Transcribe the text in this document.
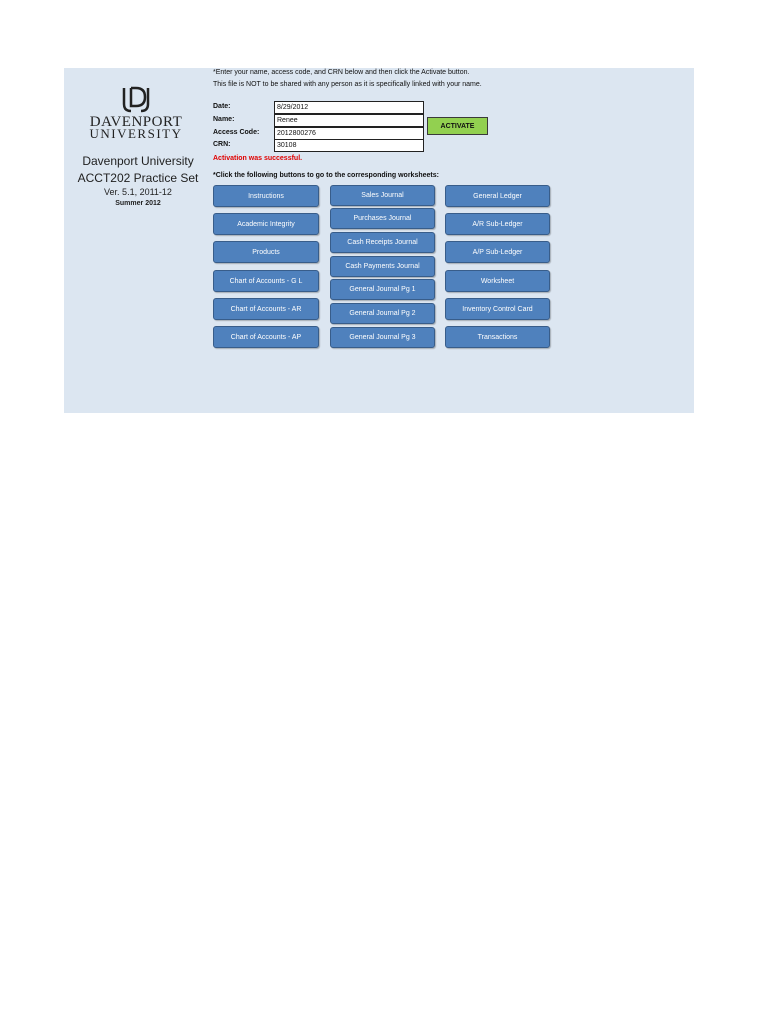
DAVENPORT
UNIVERSITY
Davenport University
ACCT202 Practice Set
Ver. 5.1, 2011-12
Summer 2012
*Enter your name, access code, and CRN below and then click the Activate button.
This file is NOT to be shared with any person as it is specifically linked with your name.
Date:	8/29/2012
Name:	Renee
Access Code:	2012800276
CRN:	30108
ACTIVATE
Activation was successful.
*Click the following buttons to go to the corresponding worksheets:
Instructions
Academic Integrity
Products
Chart of Accounts - G L
Chart of Accounts - AR
Chart of Accounts - AP
Sales Journal
Purchases Journal
Cash Receipts Journal
Cash Payments Journal
General Journal Pg 1
General Journal Pg 2
General Journal Pg 3
General Ledger
A/R Sub-Ledger
A/P Sub-Ledger
Worksheet
Inventory Control Card
Transactions
